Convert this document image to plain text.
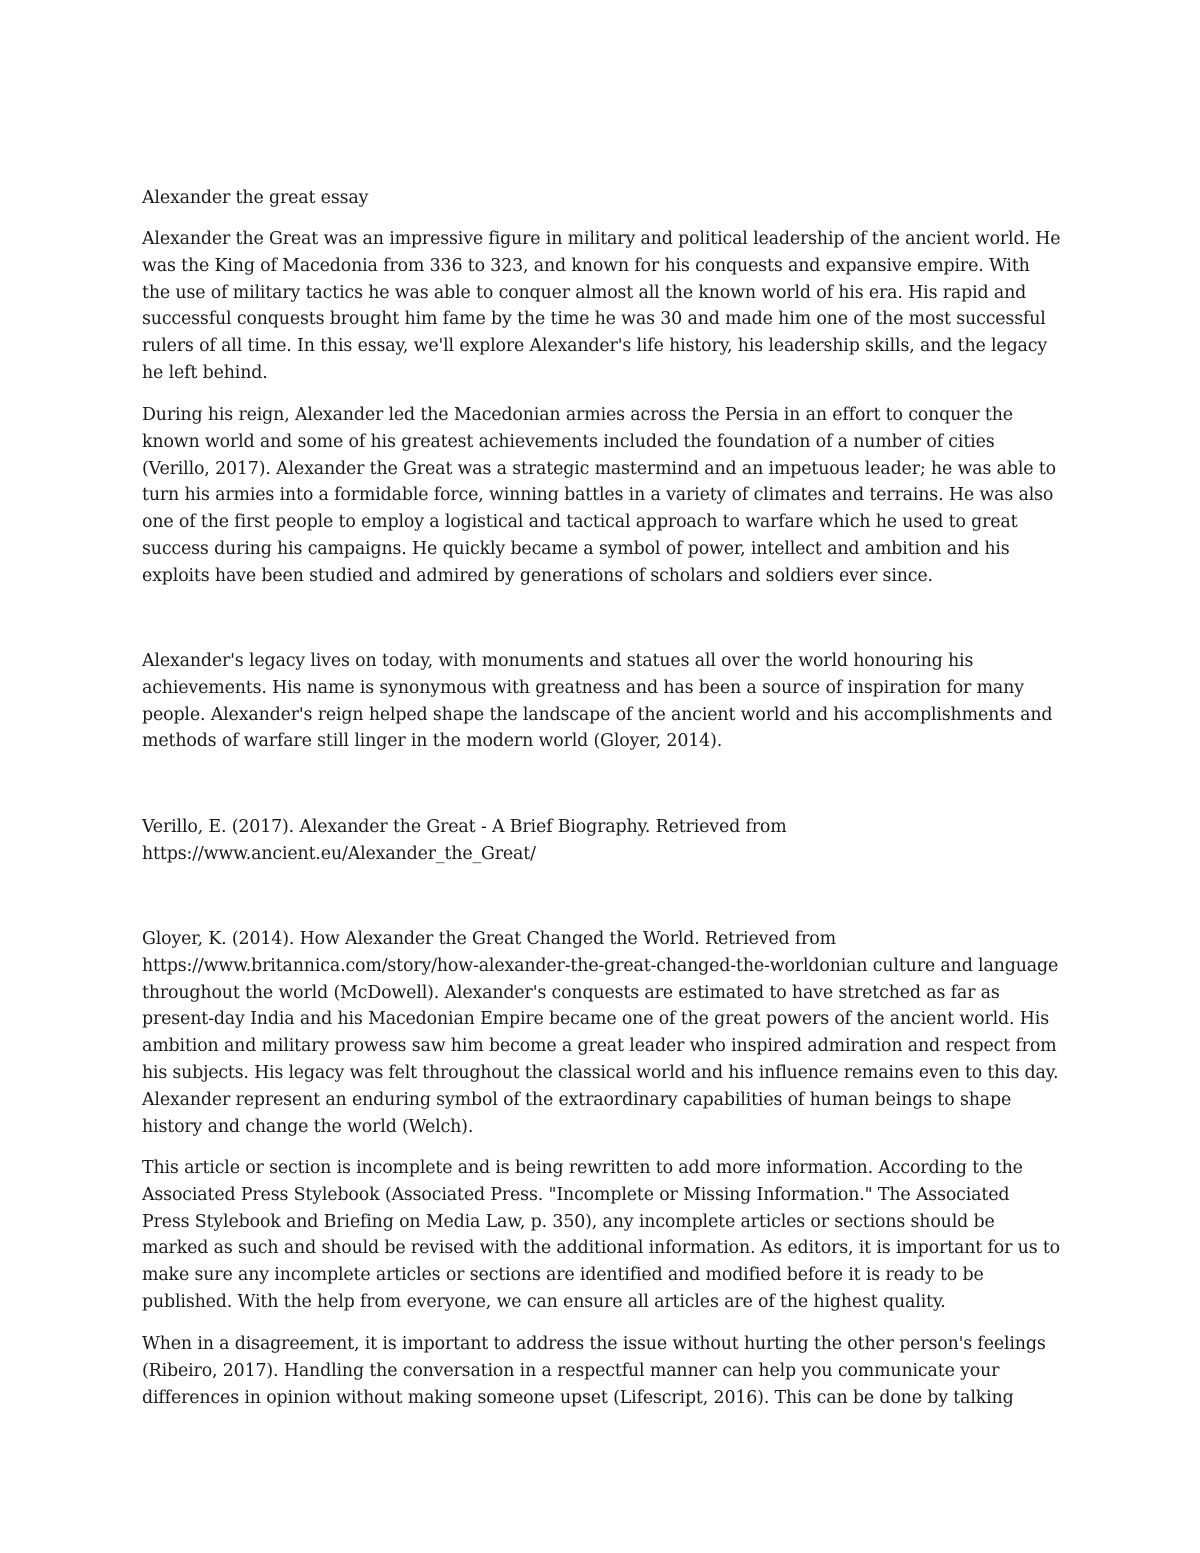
Alexander the great essay

Alexander the Great was an impressive figure in military and political leadership of the ancient world. He
was the King of Macedonia from 336 to 323, and known for his conquests and expansive empire. With
the use of military tactics he was able to conquer almost all the known world of his era. His rapid and
successful conquests brought him fame by the time he was 30 and made him one of the most successful
rulers of all time. In this essay, we'll explore Alexander's life history, his leadership skills, and the legacy
he left behind.

During his reign, Alexander led the Macedonian armies across the Persia in an effort to conquer the
known world and some of his greatest achievements included the foundation of a number of cities
(Verillo, 2017). Alexander the Great was a strategic mastermind and an impetuous leader; he was able to
turn his armies into a formidable force, winning battles in a variety of climates and terrains. He was also
one of the first people to employ a logistical and tactical approach to warfare which he used to great
success during his campaigns. He quickly became a symbol of power, intellect and ambition and his
exploits have been studied and admired by generations of scholars and soldiers ever since.

Alexander's legacy lives on today, with monuments and statues all over the world honouring his
achievements. His name is synonymous with greatness and has been a source of inspiration for many
people. Alexander's reign helped shape the landscape of the ancient world and his accomplishments and
methods of warfare still linger in the modern world (Gloyer, 2014).

Verillo, E. (2017). Alexander the Great - A Brief Biography. Retrieved from
https://www.ancient.eu/Alexander_the_Great/

Gloyer, K. (2014). How Alexander the Great Changed the World. Retrieved from
https://www.britannica.com/story/how-alexander-the-great-changed-the-worldonian culture and language
throughout the world (McDowell). Alexander's conquests are estimated to have stretched as far as
present-day India and his Macedonian Empire became one of the great powers of the ancient world. His
ambition and military prowess saw him become a great leader who inspired admiration and respect from
his subjects. His legacy was felt throughout the classical world and his influence remains even to this day.
Alexander represent an enduring symbol of the extraordinary capabilities of human beings to shape
history and change the world (Welch).

This article or section is incomplete and is being rewritten to add more information. According to the
Associated Press Stylebook (Associated Press. "Incomplete or Missing Information." The Associated
Press Stylebook and Briefing on Media Law, p. 350), any incomplete articles or sections should be
marked as such and should be revised with the additional information. As editors, it is important for us to
make sure any incomplete articles or sections are identified and modified before it is ready to be
published. With the help from everyone, we can ensure all articles are of the highest quality.

When in a disagreement, it is important to address the issue without hurting the other person's feelings
(Ribeiro, 2017). Handling the conversation in a respectful manner can help you communicate your
differences in opinion without making someone upset (Lifescript, 2016). This can be done by talking
